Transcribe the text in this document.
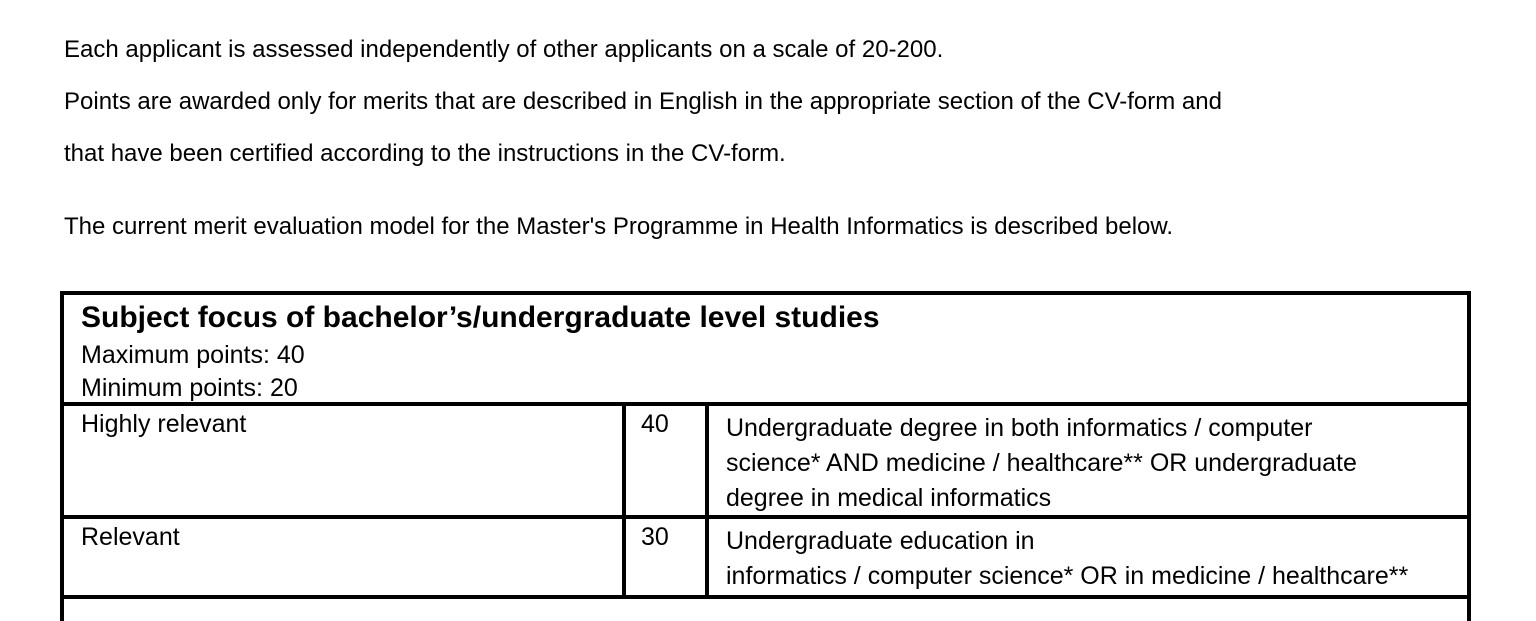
Each applicant is assessed independently of other applicants on a scale of 20-200.

Points are awarded only for merits that are described in English in the appropriate section of the CV-form and

that have been certified according to the instructions in the CV-form.

The current merit evaluation model for the Master's Programme in Health Informatics is described below.

Subject focus of bachelor’s/undergraduate level studies
Maximum points: 40
Minimum points: 20
Highly relevant	40 Undergraduate degree in both informatics / computer
science* AND medicine / healthcare** OR undergraduate
degree in medical informatics
Relevant	30 Undergraduate education in
informatics / computer science* OR in medicine / healthcare**
